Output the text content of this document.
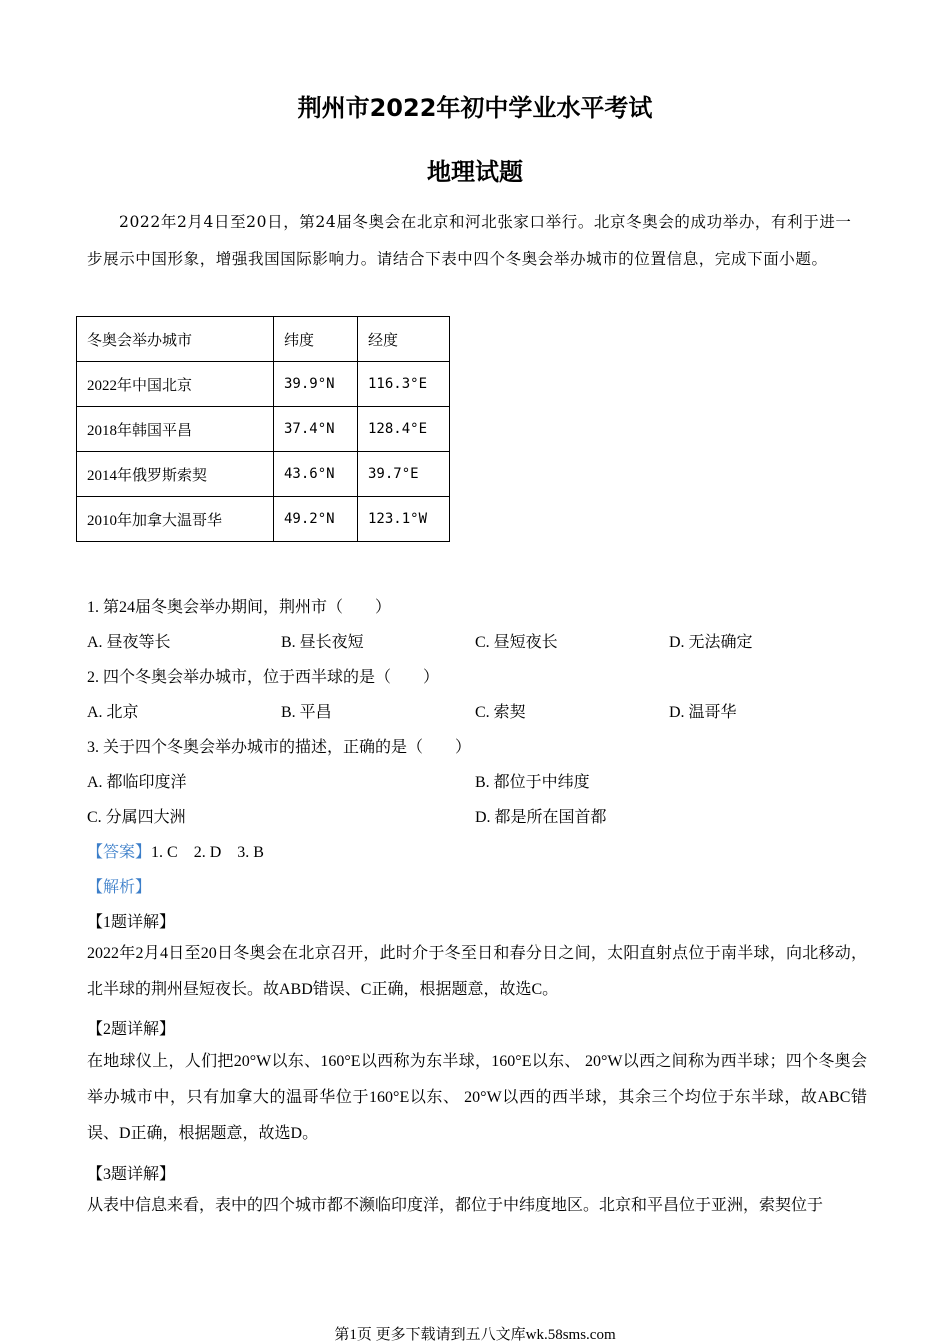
荆州市2022年初中学业水平考试
地理试题

2022年2月4日至20日，第24届冬奥会在北京和河北张家口举行。北京冬奥会的成功举办，有利于进一步展示中国形象，增强我国国际影响力。请结合下表中四个冬奥会举办城市的位置信息，完成下面小题。

冬奥会举办城市	纬度	经度
2022年中国北京	39.9°N	116.3°E
2018年韩国平昌	37.4°N	128.4°E
2014年俄罗斯索契	43.6°N	39.7°E
2010年加拿大温哥华	49.2°N	123.1°W
1. 第24届冬奥会举办期间，荆州市（　　）
A. 昼夜等长	B. 昼长夜短	C. 昼短夜长	D. 无法确定
2. 四个冬奥会举办城市，位于西半球的是（　　）
A. 北京	B. 平昌	C. 索契	D. 温哥华
3. 关于四个冬奥会举办城市的描述，正确的是（　　）
A. 都临印度洋	B. 都位于中纬度
C. 分属四大洲	D. 都是所在国首都
【答案】1. C　2. D　3. B
【解析】
【1题详解】

2022年2月4日至20日冬奥会在北京召开，此时介于冬至日和春分日之间，太阳直射点位于南半球，向北移动，北半球的荆州昼短夜长。故ABD错误、C正确，根据题意，故选C。

【2题详解】

在地球仪上，人们把20°W以东、160°E以西称为东半球，160°E以东、 20°W以西之间称为西半球；四个冬奥会举办城市中，只有加拿大的温哥华位于160°E以东、 20°W以西的西半球，其余三个均位于东半球，故ABC错误、D正确，根据题意，故选D。

【3题详解】

从表中信息来看，表中的四个城市都不濒临印度洋，都位于中纬度地区。北京和平昌位于亚洲，索契位于

第1页 更多下载请到五八文库wk.58sms.com
